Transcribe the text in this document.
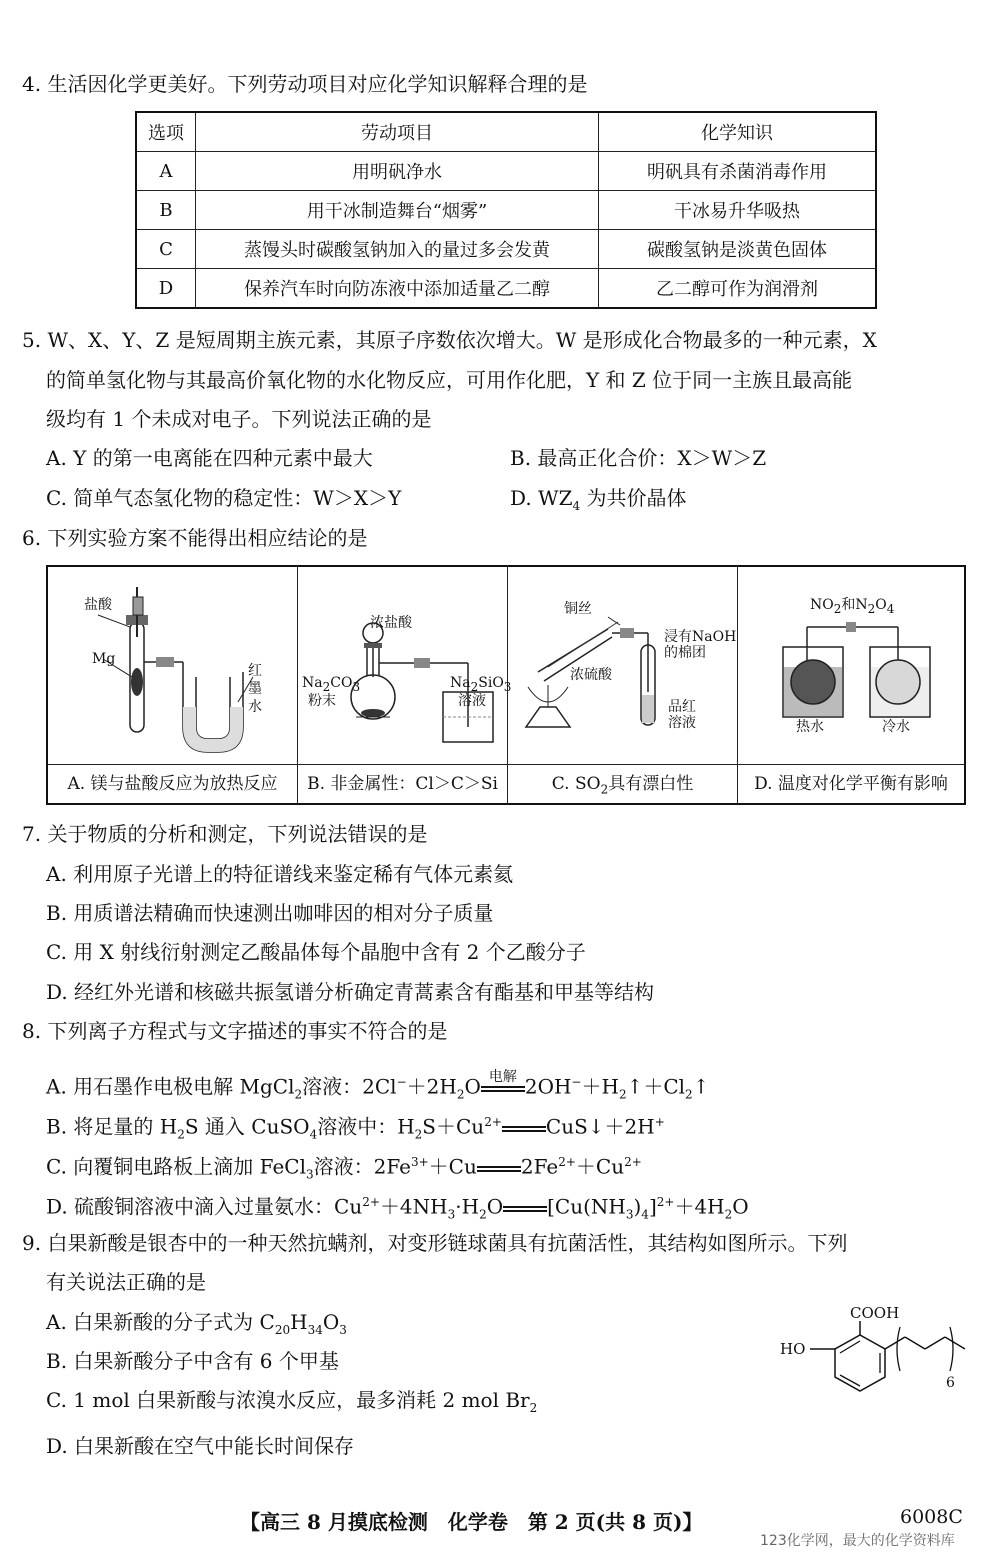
4. 生活因化学更美好。下列劳动项目对应化学知识解释合理的是
选项	劳动项目	化学知识
A	用明矾净水	明矾具有杀菌消毒作用
B	用干冰制造舞台“烟雾”	干冰易升华吸热
C	蒸馒头时碳酸氢钠加入的量过多会发黄	碳酸氢钠是淡黄色固体
D	保养汽车时向防冻液中添加适量乙二醇	乙二醇可作为润滑剂
5. W、X、Y、Z 是短周期主族元素，其原子序数依次增大。W 是形成化合物最多的一种元素，X
的简单氢化物与其最高价氧化物的水化物反应，可用作化肥，Y 和 Z 位于同一主族且最高能
级均有 1 个未成对电子。下列说法正确的是
A. Y 的第一电离能在四种元素中最大	B. 最高正化合价：X＞W＞Z
C. 简单气态氢化物的稳定性：W＞X＞Y	D. $WZ_4$ 为共价晶体
6. 下列实验方案不能得出相应结论的是
盐酸
Mg
红
墨
水
A. 镁与盐酸反应为放热反应
浓盐酸
$Na_2CO_3$
粉末
$Na_2SiO_3$
溶液
B. 非金属性：Cl＞C＞Si
铜丝
浓硫酸
浸有NaOH
的棉团
品红
溶液
C. $SO_2$具有漂白性
$NO_2$和$N_2O_4$
热水	冷水
D. 温度对化学平衡有影响
7. 关于物质的分析和测定，下列说法错误的是
A. 利用原子光谱上的特征谱线来鉴定稀有气体元素氦
B. 用质谱法精确而快速测出咖啡因的相对分子质量
C. 用 X 射线衍射测定乙酸晶体每个晶胞中含有 2 个乙酸分子
D. 经红外光谱和核磁共振氢谱分析确定青蒿素含有酯基和甲基等结构
8. 下列离子方程式与文字描述的事实不符合的是
A. 用石墨作电极电解 MgCl$_2$溶液：$2Cl^-+2H_2O$ 电解 $2OH^-+H_2↑+Cl_2↑$
B. 将足量的 $H_2S$ 通入 CuSO$_4$溶液中：$H_2S+Cu^{2+}$ CuS↓＋2H+
C. 向覆铜电路板上滴加 FeCl$_3$溶液：$2Fe^{3+}+Cu$ $2Fe^{2+}+Cu^{2+}$
D. 硫酸铜溶液中滴入过量氨水：$Cu^{2+}+4NH_3\cdot H_2O$ $[Cu(NH_3)_4]^{2+}+4H_2O$
9. 白果新酸是银杏中的一种天然抗螨剂，对变形链球菌具有抗菌活性，其结构如图所示。下列
有关说法正确的是
A. 白果新酸的分子式为 $C_{20}H_{34}O_3$
B. 白果新酸分子中含有 6 个甲基
C. 1 mol 白果新酸与浓溴水反应，最多消耗 2 mol $Br_2$
D. 白果新酸在空气中能长时间保存
COOH
HO
6
【高三 8 月摸底检测　化学卷　第 2 页(共 8 页)】	6008C
123化学网，最大的化学资料库
